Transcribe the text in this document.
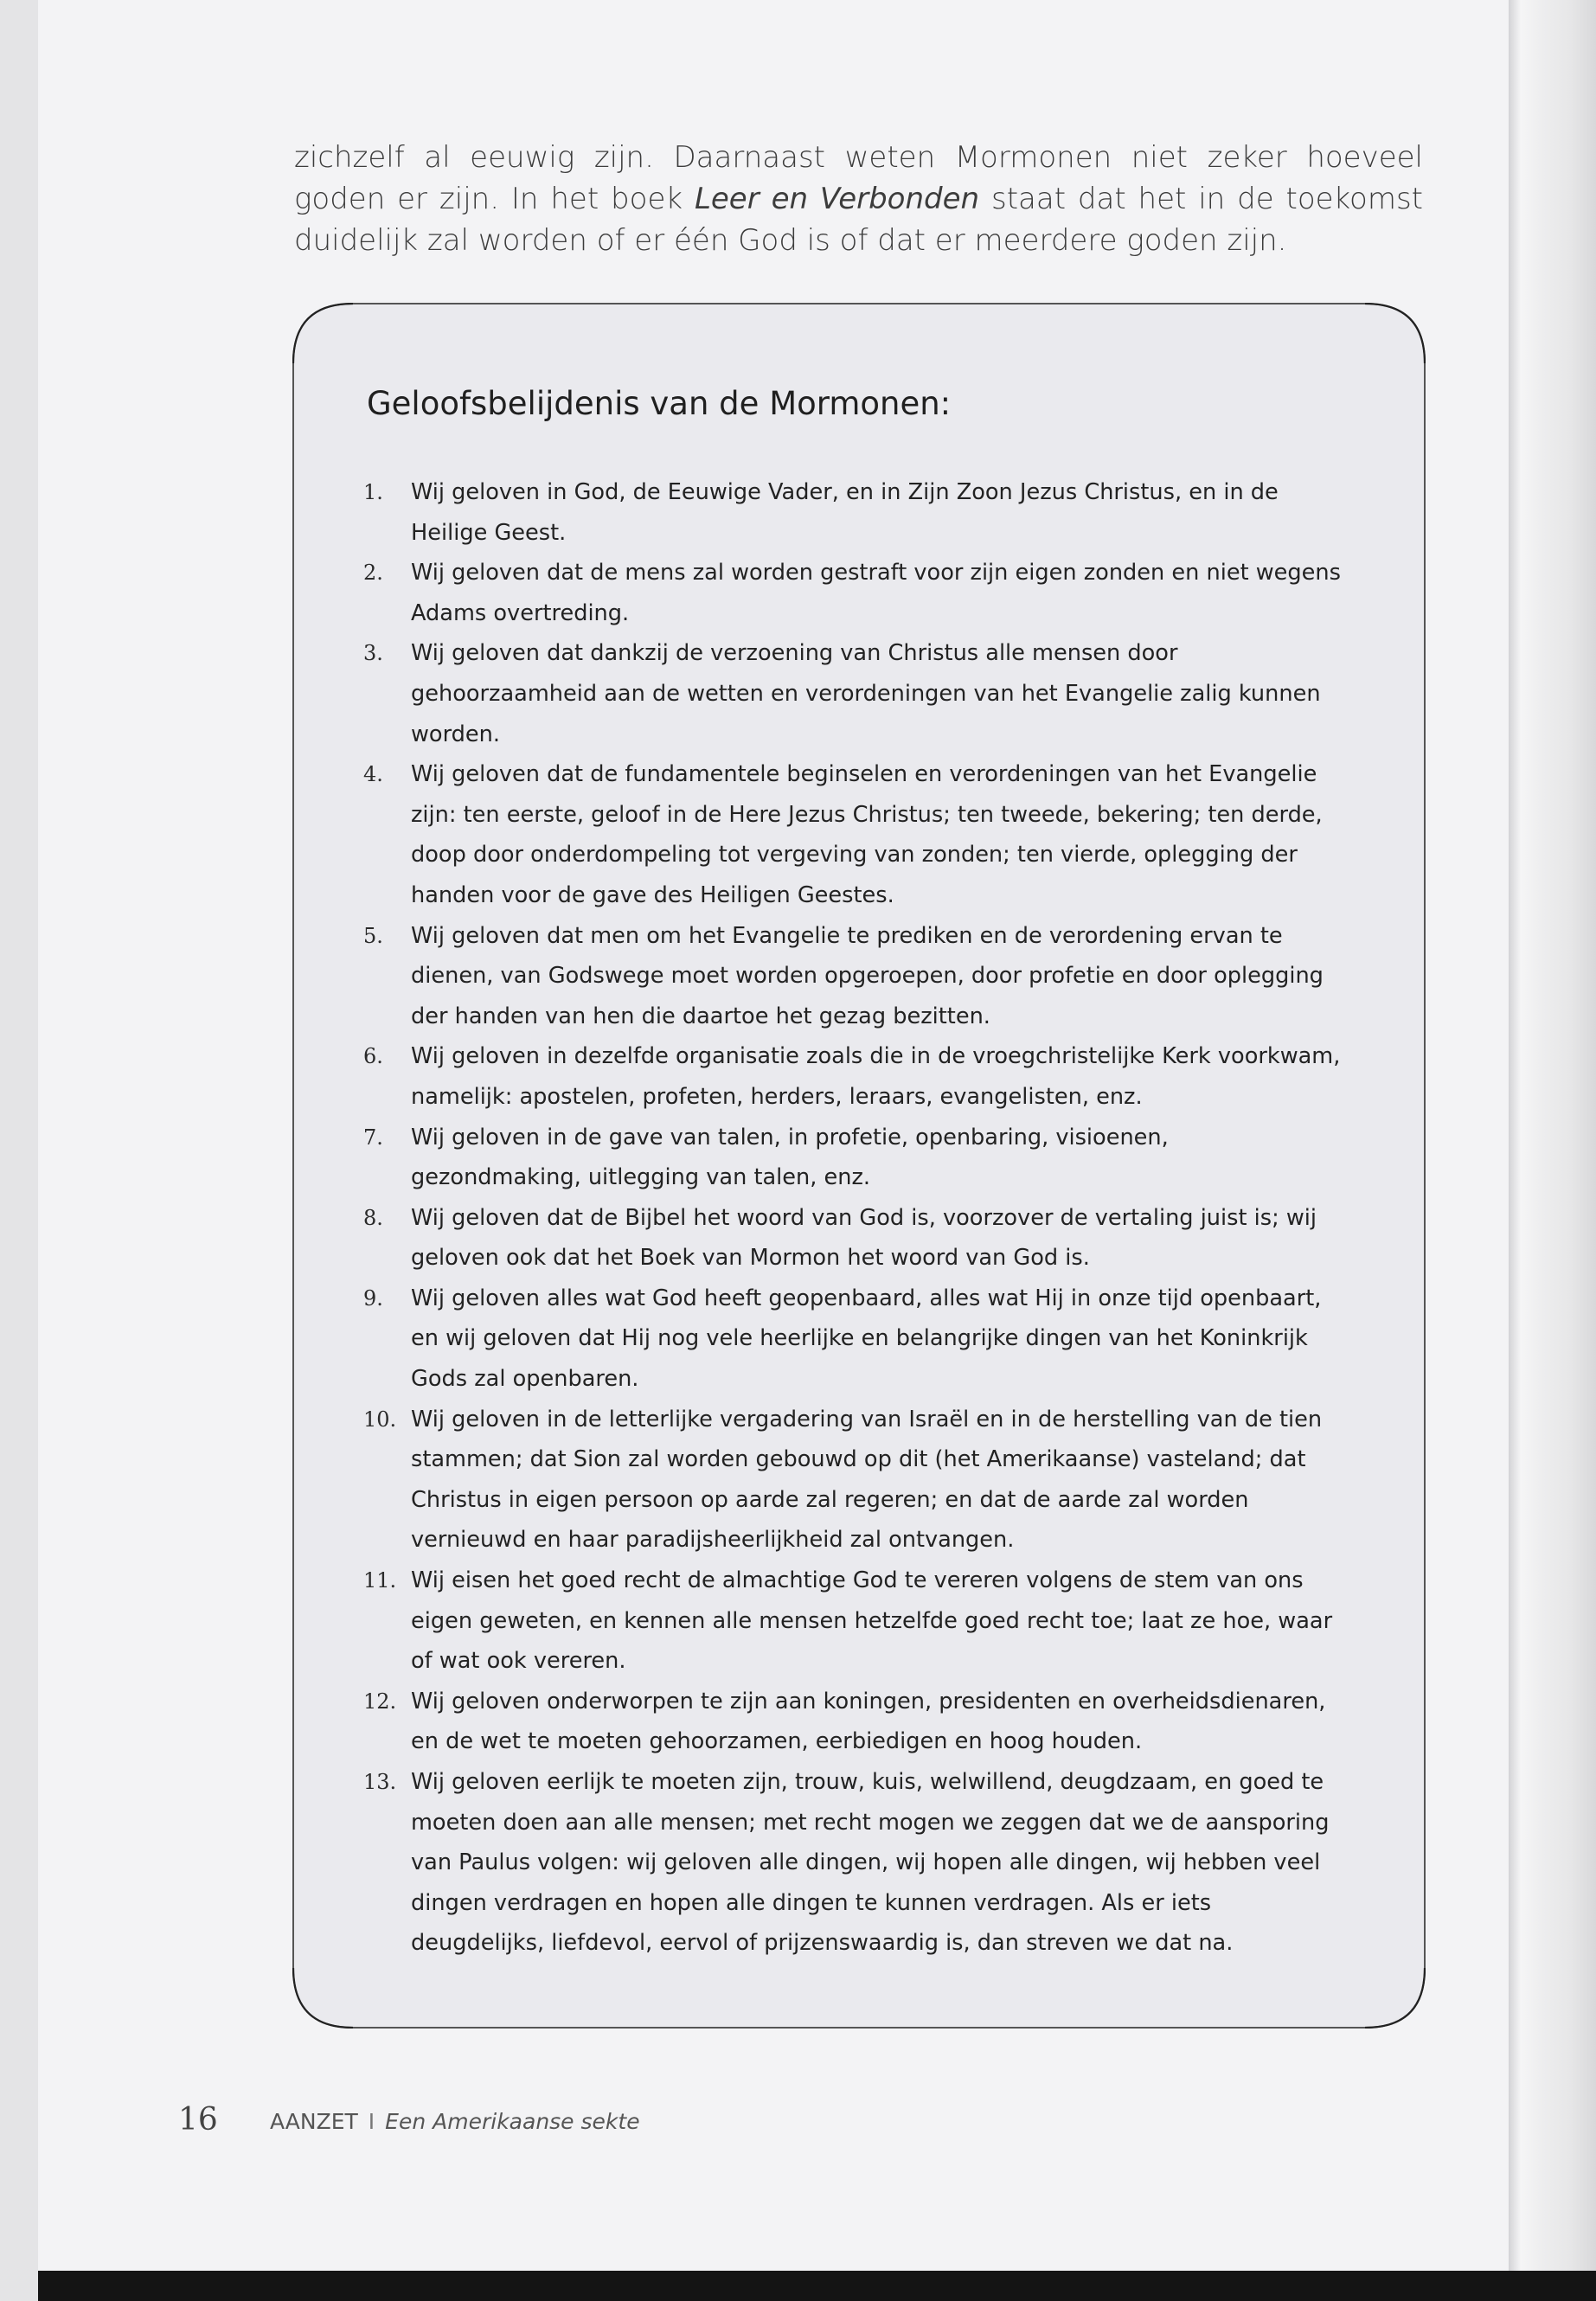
zichzelf al eeuwig zijn. Daarnaast weten Mormonen niet zeker hoeveel goden er zijn. In het boek Leer en Verbonden staat dat het in de toekomst duidelijk zal worden of er één God is of dat er meerdere goden zijn.

Geloofsbelijdenis van de Mormonen:
1.	Wij geloven in God, de Eeuwige Vader, en in Zijn Zoon Jezus Christus, en in de Heilige Geest.
2.	Wij geloven dat de mens zal worden gestraft voor zijn eigen zonden en niet wegens Adams overtreding.
3.	Wij geloven dat dankzij de verzoening van Christus alle mensen door gehoorzaamheid aan de wetten en verordeningen van het Evangelie zalig kunnen worden.
4.	Wij geloven dat de fundamentele beginselen en verordeningen van het Evangelie zijn: ten eerste, geloof in de Here Jezus Christus; ten tweede, bekering; ten derde, doop door onderdompeling tot vergeving van zonden; ten vierde, oplegging der handen voor de gave des Heiligen Geestes.
5.	Wij geloven dat men om het Evangelie te prediken en de verordening ervan te dienen, van Godswege moet worden opgeroepen, door profetie en door oplegging der handen van hen die daartoe het gezag bezitten.
6.	Wij geloven in dezelfde organisatie zoals die in de vroegchristelijke Kerk voorkwam, namelijk: apostelen, profeten, herders, leraars, evangelisten, enz.
7.	Wij geloven in de gave van talen, in profetie, openbaring, visioenen, gezondmaking, uitlegging van talen, enz.
8.	Wij geloven dat de Bijbel het woord van God is, voorzover de vertaling juist is; wij geloven ook dat het Boek van Mormon het woord van God is.
9.	Wij geloven alles wat God heeft geopenbaard, alles wat Hij in onze tijd openbaart, en wij geloven dat Hij nog vele heerlijke en belangrijke dingen van het Koninkrijk Gods zal openbaren.
10. Wij geloven in de letterlijke vergadering van Israël en in de herstelling van de tien stammen; dat Sion zal worden gebouwd op dit (het Amerikaanse) vasteland; dat Christus in eigen persoon op aarde zal regeren; en dat de aarde zal worden vernieuwd en haar paradijsheerlijkheid zal ontvangen.
11. Wij eisen het goed recht de almachtige God te vereren volgens de stem van ons eigen geweten, en kennen alle mensen hetzelfde goed recht toe; laat ze hoe, waar of wat ook vereren.
12. Wij geloven onderworpen te zijn aan koningen, presidenten en overheidsdienaren, en de wet te moeten gehoorzamen, eerbiedigen en hoog houden.
13. Wij geloven eerlijk te moeten zijn, trouw, kuis, welwillend, deugdzaam, en goed te moeten doen aan alle mensen; met recht mogen we zeggen dat we de aansporing van Paulus volgen: wij geloven alle dingen, wij hopen alle dingen, wij hebben veel dingen verdragen en hopen alle dingen te kunnen verdragen. Als er iets deugdelijks, liefdevol, eervol of prijzenswaardig is, dan streven we dat na.
16 AANZET I Een Amerikaanse sekte
